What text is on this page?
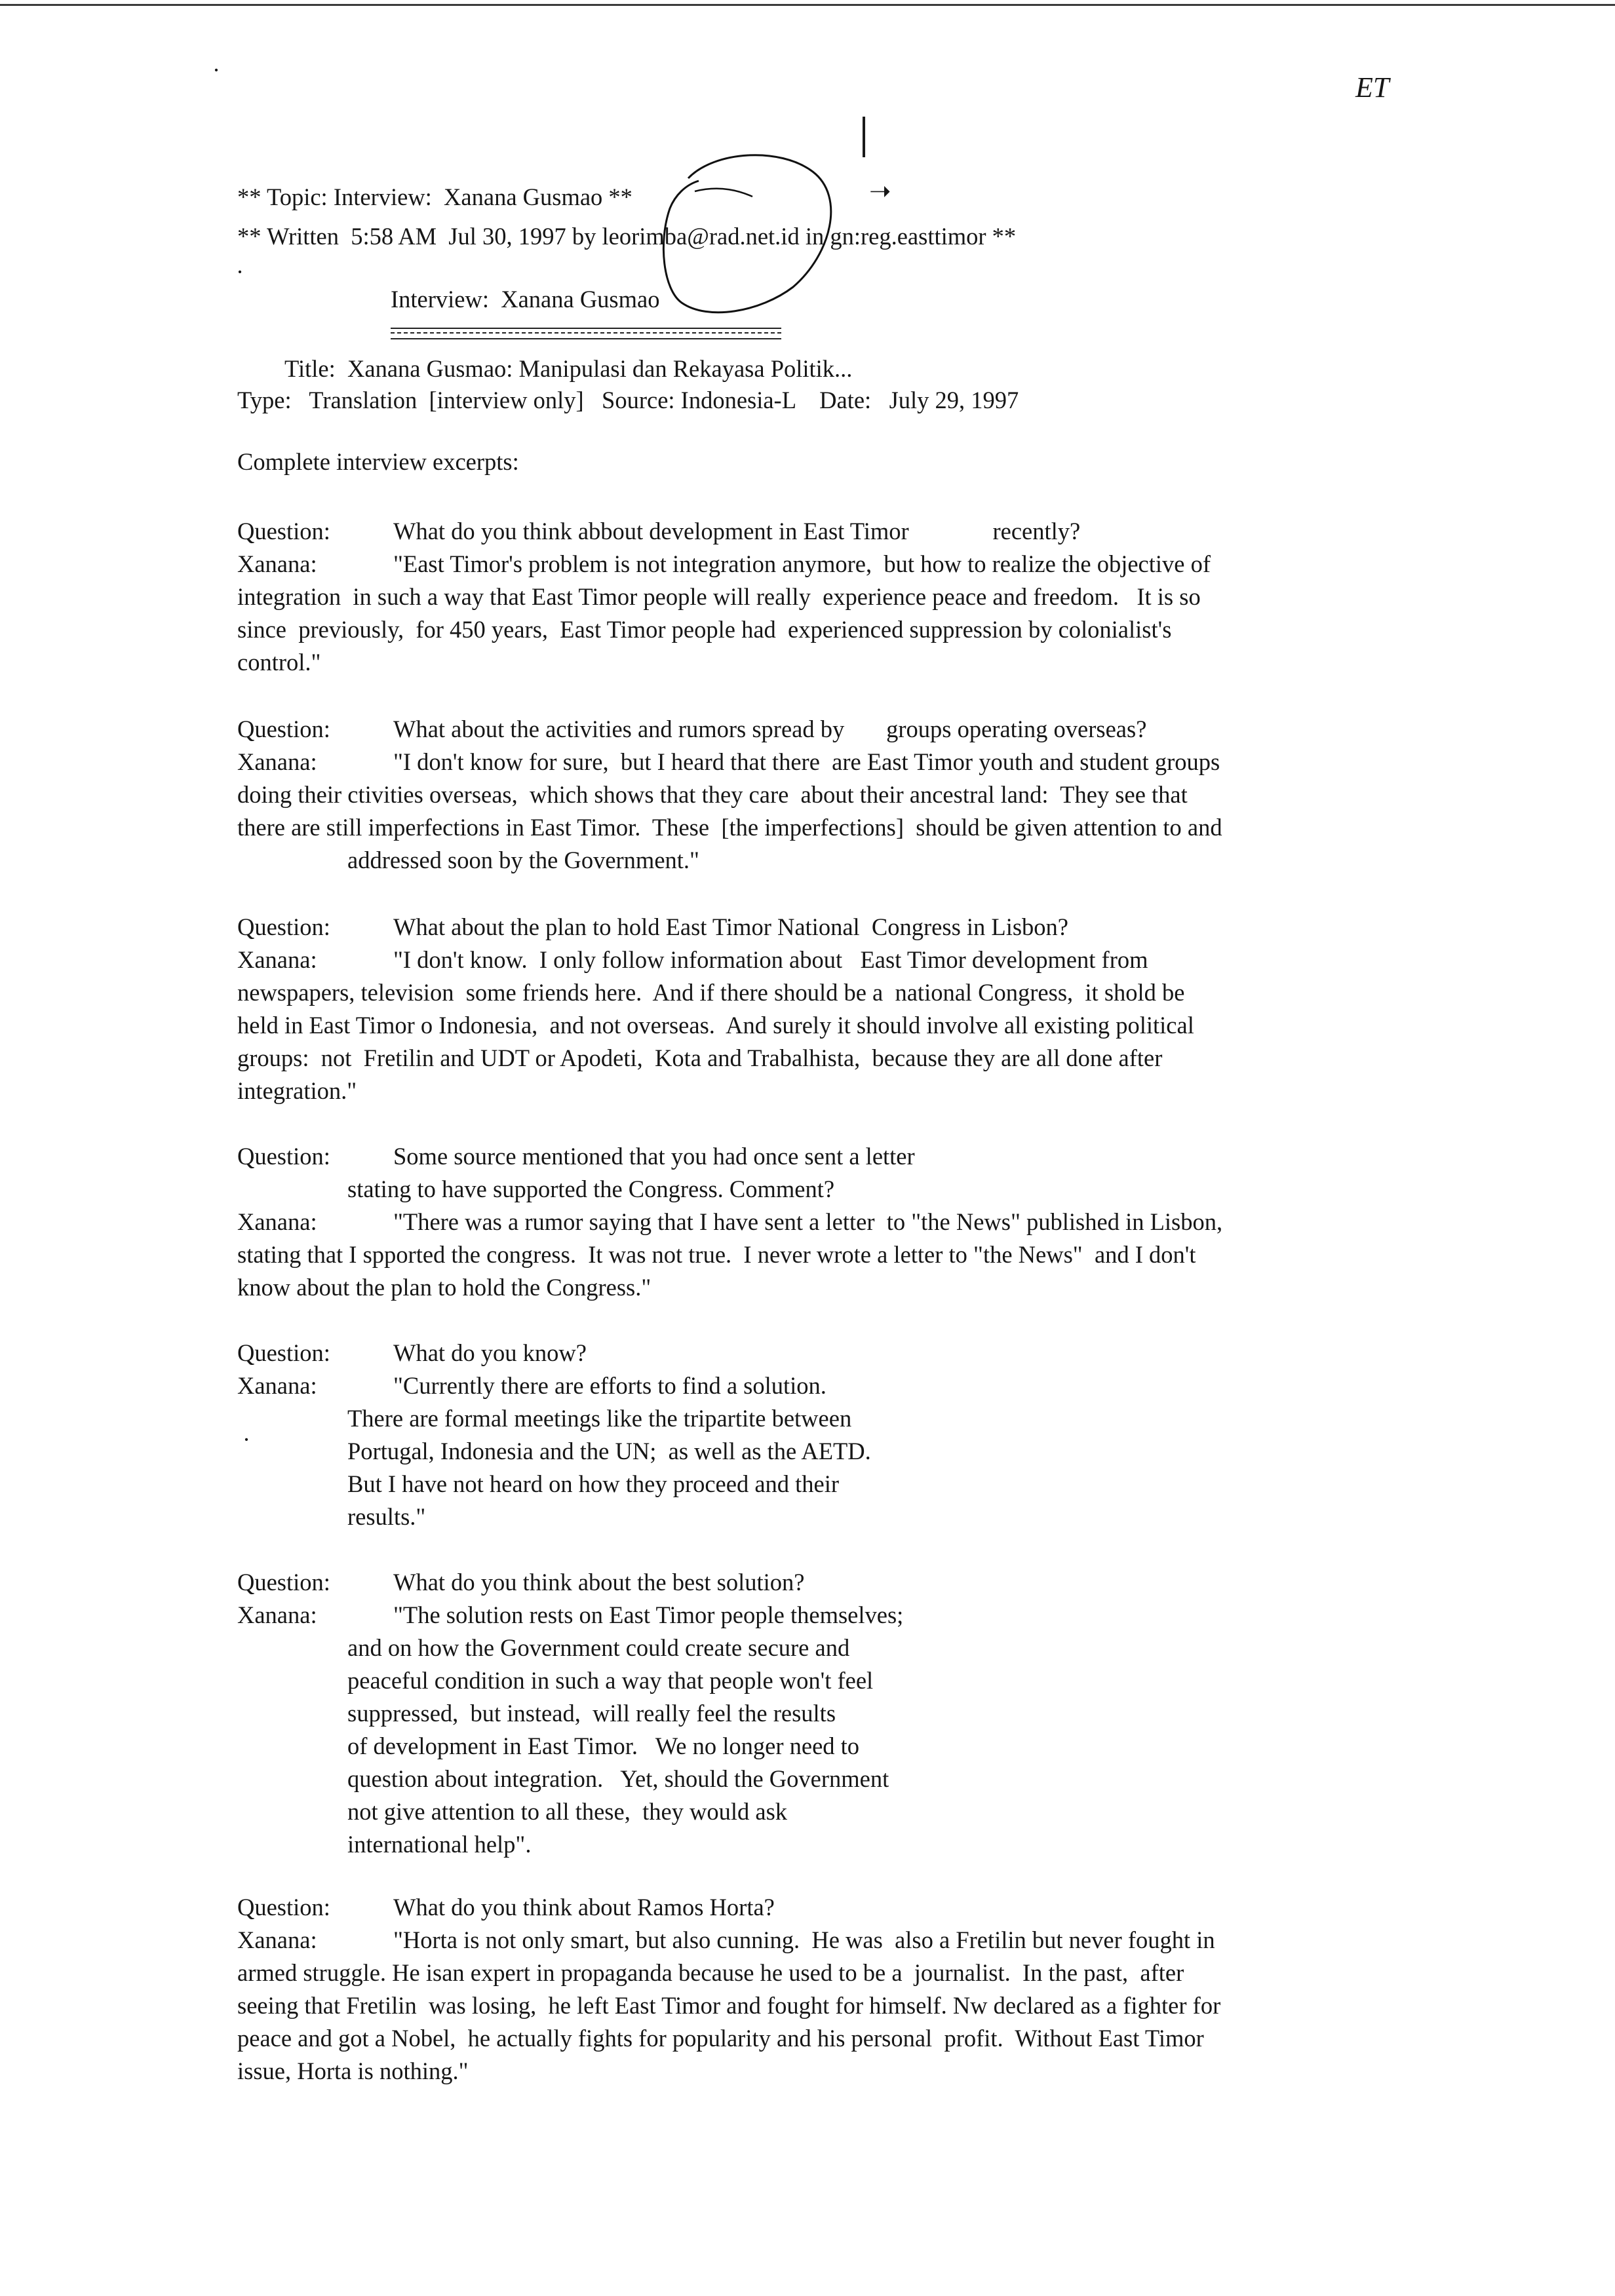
ET
➝
·
·
·
** Topic: Interview:  Xanana Gusmao **
** Written  5:58 AM  Jul 30, 1997 by leorimba@rad.net.id in gn:reg.easttimor **
Interview:  Xanana Gusmao
Title:  Xanana Gusmao: Manipulasi dan Rekayasa Politik...
Type:   Translation  [interview only]   Source: Indonesia-L    Date:   July 29, 1997
Complete interview excerpts:
Question:	What do you think abbout development in East Timor              recently?
Xanana:	"East Timor's problem is not integration anymore,  but how to realize the objective of
integration  in such a way that East Timor people will really  experience peace and freedom.   It is so
since  previously,  for 450 years,  East Timor people had  experienced suppression by colonialist's
control."
Question:	What about the activities and rumors spread by       groups operating overseas?
Xanana:	"I don't know for sure,  but I heard that there  are East Timor youth and student groups
doing their ctivities overseas,  which shows that they care  about their ancestral land:  They see that
there are still imperfections in East Timor.  These  [the imperfections]  should be given attention to and
addressed soon by the Government."
Question:	What about the plan to hold East Timor National  Congress in Lisbon?
Xanana:	"I don't know.  I only follow information about   East Timor development from
newspapers, television  some friends here.  And if there should be a  national Congress,  it shold be
held in East Timor o Indonesia,  and not overseas.  And surely it should involve all existing political
groups:  not  Fretilin and UDT or Apodeti,  Kota and Trabalhista,  because they are all done after
integration."
Question:	Some source mentioned that you had once sent a letter
stating to have supported the Congress. Comment?
Xanana:	"There was a rumor saying that I have sent a letter  to "the News" published in Lisbon,
stating that I spported the congress.  It was not true.  I never wrote a letter to "the News"  and I don't
know about the plan to hold the Congress."
Question:	What do you know?
Xanana:	"Currently there are efforts to find a solution.
There are formal meetings like the tripartite between
Portugal, Indonesia and the UN;  as well as the AETD.
But I have not heard on how they proceed and their
results."
Question:	What do you think about the best solution?
Xanana:	"The solution rests on East Timor people themselves;
and on how the Government could create secure and
peaceful condition in such a way that people won't feel
suppressed,  but instead,  will really feel the results
of development in East Timor.   We no longer need to
question about integration.   Yet, should the Government
not give attention to all these,  they would ask
international help".
Question:	What do you think about Ramos Horta?
Xanana:	"Horta is not only smart, but also cunning.  He was  also a Fretilin but never fought in
armed struggle. He isan expert in propaganda because he used to be a  journalist.  In the past,  after
seeing that Fretilin  was losing,  he left East Timor and fought for himself. Nw declared as a fighter for
peace and got a Nobel,  he actually fights for popularity and his personal  profit.  Without East Timor
issue, Horta is nothing."
